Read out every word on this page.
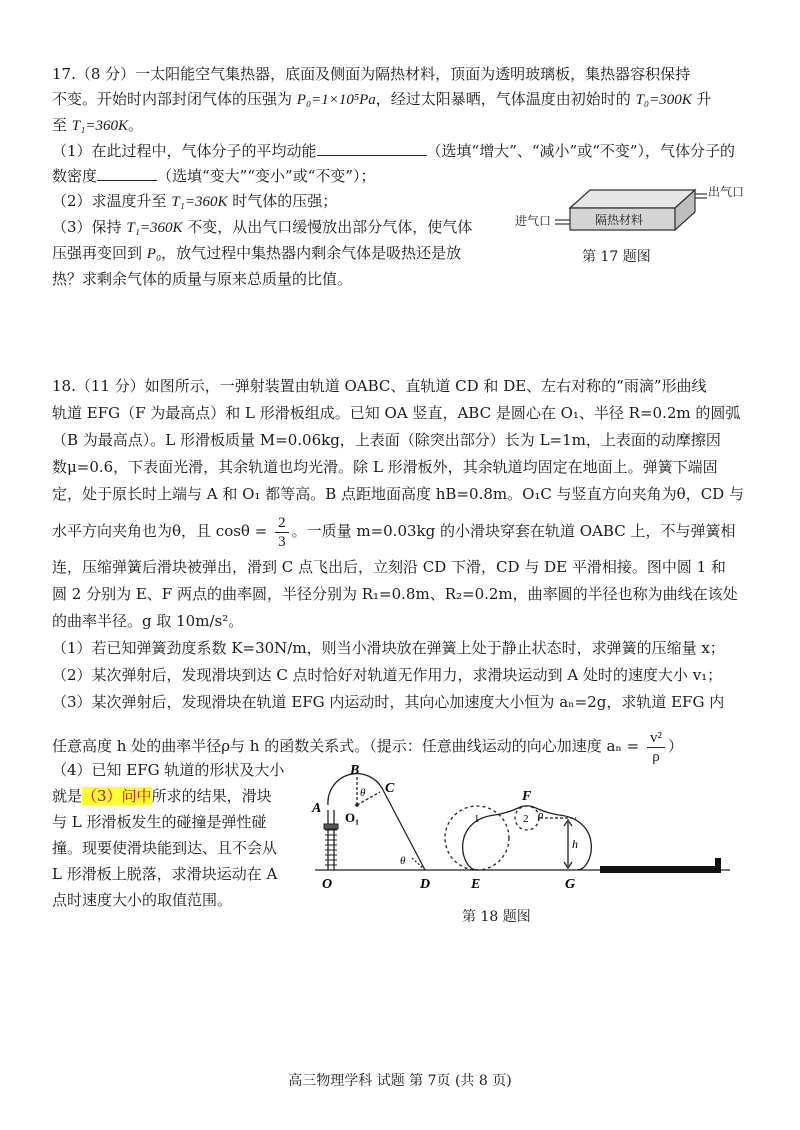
17.（8 分）一太阳能空气集热器，底面及侧面为隔热材料，顶面为透明玻璃板，集热器容积保持
不变。开始时内部封闭气体的压强为 P₀=1×10⁵Pa，经过太阳暴晒，气体温度由初始时的 T₀=300K 升
至 T₁=360K。
（1）在此过程中，气体分子的平均动能	（选填“增大”、“减小”或“不变”），气体分子的
数密度	（选填“变大”“变小”或“不变”）；
（2）求温度升至 T₁=360K 时气体的压强；
（3）保持 T₁=360K 不变，从出气口缓慢放出部分气体，使气体
压强再变回到 P₀，放气过程中集热器内剩余气体是吸热还是放
热？求剩余气体的质量与原来总质量的比值。
进气口
出气口
隔热材料
第 17 题图
18.（11 分）如图所示，一弹射装置由轨道 OABC、直轨道 CD 和 DE、左右对称的“雨滴”形曲线
轨道 EFG（F 为最高点）和 L 形滑板组成。已知 OA 竖直，ABC 是圆心在 O₁、半径 R=0.2m 的圆弧
（B 为最高点）。L 形滑板质量 M=0.06kg，上表面（除突出部分）长为 L=1m，上表面的动摩擦因
数μ=0.6，下表面光滑，其余轨道也均光滑。除 L 形滑板外，其余轨道均固定在地面上。弹簧下端固
定，处于原长时上端与 A 和 O₁ 都等高。B 点距地面高度 hB=0.8m。O₁C 与竖直方向夹角为θ，CD 与
水平方向夹角也为θ，且 $\cos\theta = \frac{2}{3}$ 。一质量 m=0.03kg 的小滑块穿套在轨道 OABC 上，不与弹簧相
连，压缩弹簧后滑块被弹出，滑到 C 点飞出后，立刻沿 CD 下滑，CD 与 DE 平滑相接。图中圆 1 和
圆 2 分别为 E、F 两点的曲率圆，半径分别为 R₁=0.8m、R₂=0.2m，曲率圆的半径也称为曲线在该处
的曲率半径。g 取 10m/s²。
（1）若已知弹簧劲度系数 K=30N/m，则当小滑块放在弹簧上处于静止状态时，求弹簧的压缩量 x；
（2）某次弹射后，发现滑块到达 C 点时恰好对轨道无作用力，求滑块运动到 A 处时的速度大小 v₁；
（3）某次弹射后，发现滑块在轨道 EFG 内运动时，其向心加速度大小恒为 aₙ=2g，求轨道 EFG 内
任意高度 h 处的曲率半径ρ与 h 的函数关系式。（提示：任意曲线运动的向心加速度 $a_n = \frac{\text{v²}}{\rho}$ ）
（4）已知 EFG 轨道的形状及大小
就是（3）问中所求的结果，滑块
与 L 形滑板发生的碰撞是弹性碰
撞。现要使滑块能到达、且不会从
L 形滑板上脱落，求滑块运动在 A
点时速度大小的取值范围。
A
B
C
O₁
θ
θ
O	D	E	G
F
ρ
h
1	2
第 18 题图
高三物理学科 试题 第 7页 (共 8 页)
